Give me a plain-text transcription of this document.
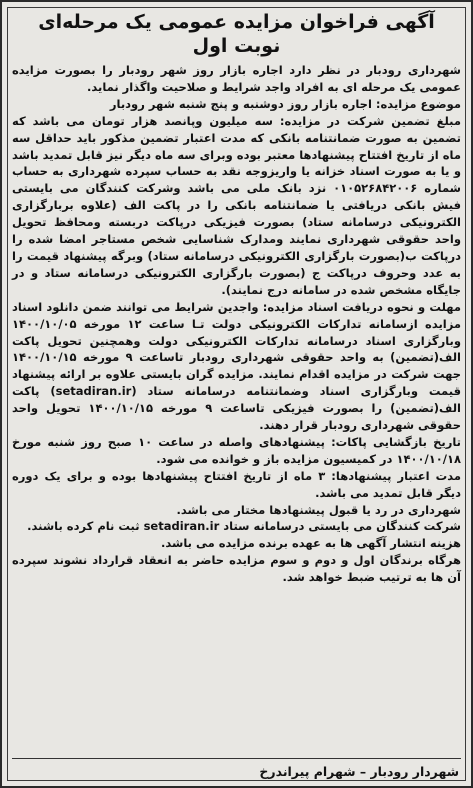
آگهی فراخوان مزایده عمومی یک مرحله‌ای
نوبت اول

شهرداری رودبار در نظر دارد اجاره بازار روز شهر رودبار را بصورت مزایده عمومی یک مرحله ای به افراد واجد شرایط و صلاحیت واگذار نماید.

موضوع مزایده: اجاره بازار روز دوشنبه و پنج شنبه شهر رودبار

مبلغ تضمین شرکت در مزایده: سه میلیون وپانصد هزار تومان می باشد که تضمین به صورت ضمانتنامه بانکی که مدت اعتبار تضمین مذکور باید حداقل سه ماه از تاریخ افتتاح پیشنهادها معتبر بوده وبرای سه ماه دیگر نیز قابل تمدید باشد و یا به صورت اسناد خزانه یا واریزوجه نقد به حساب سپرده شهرداری به حساب شماره ۰۱۰۵۲۶۸۴۲۰۰۶ نزد بانک ملی می باشد وشرکت کنندگان می بایستی فیش بانکی دریافتی یا ضمانتنامه بانکی را در پاکت الف (علاوه بربارگزاری الکترونیکی درسامانه ستاد) بصورت فیزیکی درپاکت دربسته ومحافظ تحویل واحد حقوقی شهرداری نمایند ومدارک شناسایی شخص مستاجر امضا شده را درپاکت ب(بصورت بارگزاری الکترونیکی درسامانه ستاد) وبرگه پیشنهاد قیمت را به عدد وحروف درپاکت ج (بصورت بارگزاری الکترونیکی درسامانه ستاد و در جایگاه مشخص شده در سامانه درج نمایند).

مهلت و نحوه دریافت اسناد مزایده: واجدین شرایط می توانند ضمن دانلود اسناد مزایده ازسامانه تدارکات الکترونیکی دولت تـا ساعت ۱۲ مورخه ۱۴۰۰/۱۰/۰۵ وبارگزاری اسناد درسامانه تدارکات الکترونیکی دولت وهمچنین تحویل پاکت الف(تضمین) به واحد حقوقی شهرداری رودبار تاساعت ۹ مورخه ۱۴۰۰/۱۰/۱۵ جهت شرکت در مزایده اقدام نمایند. مزایده گران بایستی علاوه بر ارائه پیشنهاد قیمت وبارگزاری اسناد وضمانتنامه درسامانه ستاد (setadiran.ir) پاکت الف(تضمین) را بصورت فیزیکی تاساعت ۹ مورخه ۱۴۰۰/۱۰/۱۵ تحویل واحد حقوقی شهرداری رودبار قرار دهند.

تاریخ بازگشایی پاکات: پیشنهادهای واصله در ساعت ۱۰ صبح روز شنبه مورخ ۱۴۰۰/۱۰/۱۸ در کمیسیون مزایده باز و خوانده می شود.

مدت اعتبار پیشنهادها: ۳ ماه از تاریخ افتتاح پیشنهادها بوده و برای یک دوره دیگر قابل تمدید می باشد.

شهرداری در رد یا قبول پیشنهادها مختار می باشد.

شرکت کنندگان می بایستی درسامانه ستاد setadiran.ir ثبت نام کرده باشند.

هزینه انتشار آگهی ها به عهده برنده مزایده می باشد.

هرگاه برندگان اول و دوم و سوم مزایده حاضر به انعقاد قرارداد نشوند سپرده آن ها به ترتیب ضبط خواهد شد.

شهردار رودبار – شهرام پیراندرخ
